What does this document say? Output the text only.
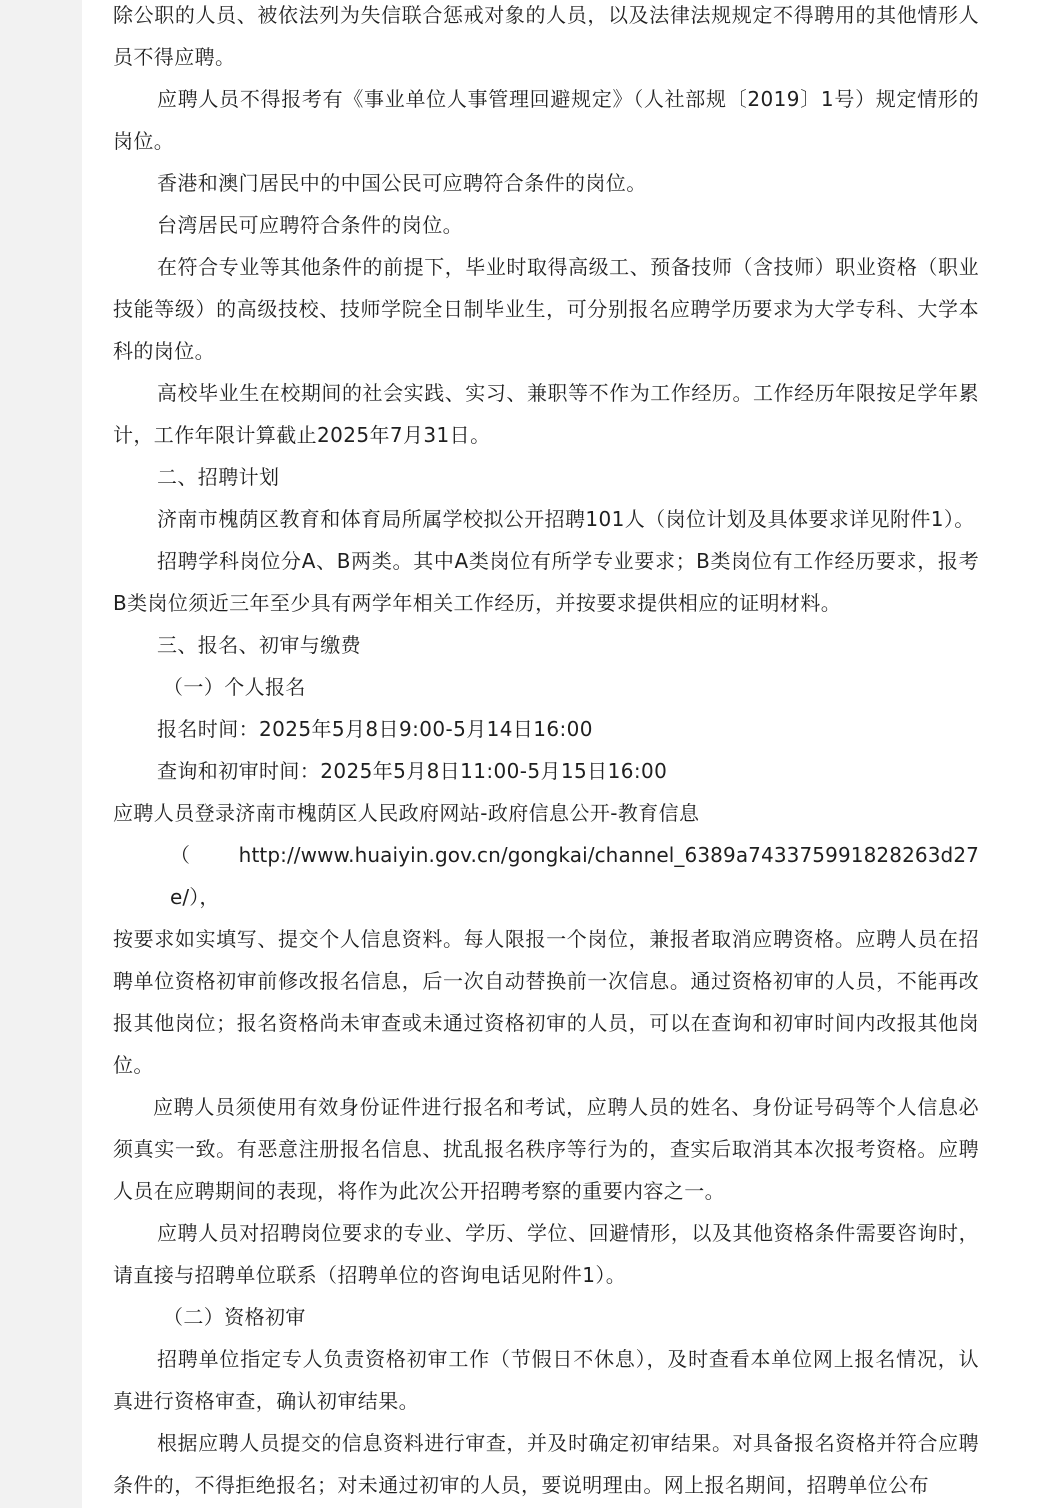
除公职的人员、被依法列为失信联合惩戒对象的人员，以及法律法规规定不得聘用的其他情形人员不得应聘。

应聘人员不得报考有《事业单位人事管理回避规定》（人社部规〔2019〕1号）规定情形的岗位。

香港和澳门居民中的中国公民可应聘符合条件的岗位。

台湾居民可应聘符合条件的岗位。

在符合专业等其他条件的前提下，毕业时取得高级工、预备技师（含技师）职业资格（职业技能等级）的高级技校、技师学院全日制毕业生，可分别报名应聘学历要求为大学专科、大学本科的岗位。

高校毕业生在校期间的社会实践、实习、兼职等不作为工作经历。工作经历年限按足学年累计，工作年限计算截止2025年7月31日。

二、招聘计划

济南市槐荫区教育和体育局所属学校拟公开招聘101人（岗位计划及具体要求详见附件1）。

招聘学科岗位分A、B两类。其中A类岗位有所学专业要求；B类岗位有工作经历要求，报考B类岗位须近三年至少具有两学年相关工作经历，并按要求提供相应的证明材料。

三、报名、初审与缴费

（一）个人报名

报名时间：2025年5月8日9:00-5月14日16:00

查询和初审时间：2025年5月8日11:00-5月15日16:00

应聘人员登录济南市槐荫区人民政府网站-政府信息公开-教育信息

（http://www.huaiyin.gov.cn/gongkai/channel_6389a743375991828263d27e/），

按要求如实填写、提交个人信息资料。每人限报一个岗位，兼报者取消应聘资格。应聘人员在招聘单位资格初审前修改报名信息，后一次自动替换前一次信息。通过资格初审的人员，不能再改报其他岗位；报名资格尚未审查或未通过资格初审的人员，可以在查询和初审时间内改报其他岗位。

应聘人员须使用有效身份证件进行报名和考试，应聘人员的姓名、身份证号码等个人信息必须真实一致。有恶意注册报名信息、扰乱报名秩序等行为的，查实后取消其本次报考资格。应聘人员在应聘期间的表现，将作为此次公开招聘考察的重要内容之一。

应聘人员对招聘岗位要求的专业、学历、学位、回避情形，以及其他资格条件需要咨询时，请直接与招聘单位联系（招聘单位的咨询电话见附件1）。

（二）资格初审

招聘单位指定专人负责资格初审工作（节假日不休息），及时查看本单位网上报名情况，认真进行资格审查，确认初审结果。

根据应聘人员提交的信息资料进行审查，并及时确定初审结果。对具备报名资格并符合应聘条件的，不得拒绝报名；对未通过初审的人员，要说明理由。网上报名期间，招聘单位公布
